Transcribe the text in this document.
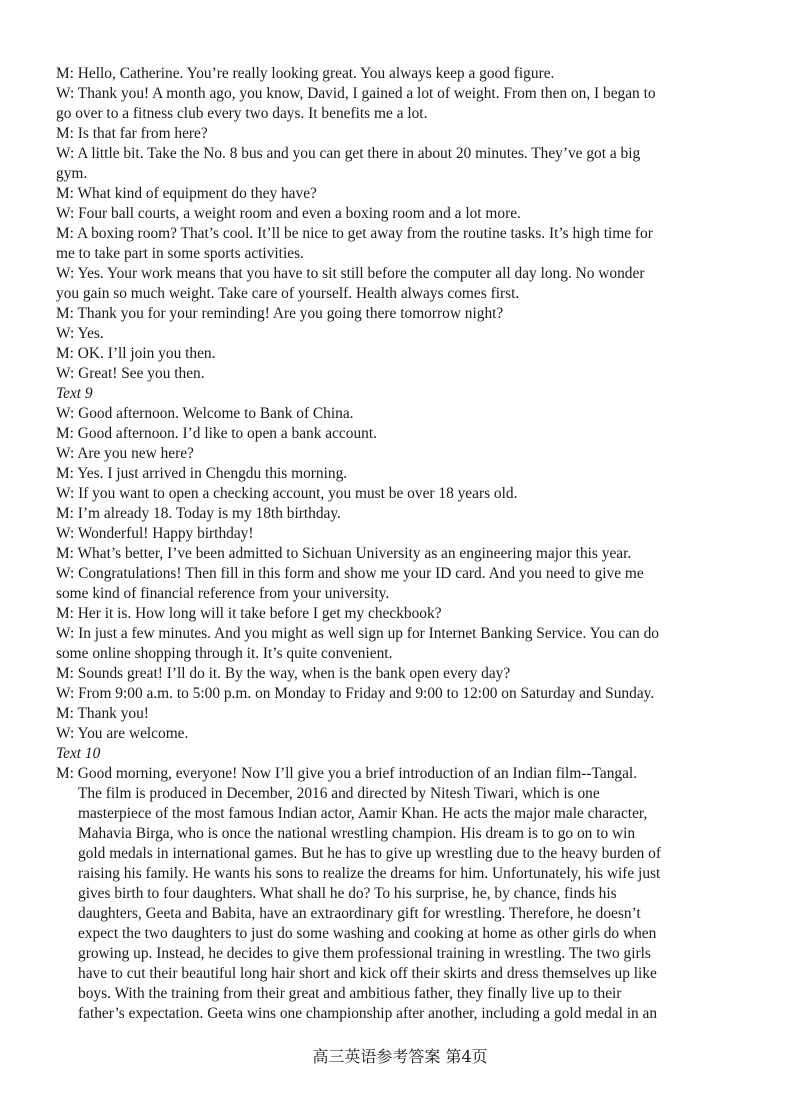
M: Hello, Catherine. You’re really looking great. You always keep a good figure.
W: Thank you! A month ago, you know, David, I gained a lot of weight. From then on, I began to
go over to a fitness club every two days. It benefits me a lot.
M: Is that far from here?
W: A little bit. Take the No. 8 bus and you can get there in about 20 minutes. They’ve got a big
gym.
M: What kind of equipment do they have?
W: Four ball courts, a weight room and even a boxing room and a lot more.
M: A boxing room? That’s cool. It’ll be nice to get away from the routine tasks. It’s high time for
me to take part in some sports activities.
W: Yes. Your work means that you have to sit still before the computer all day long. No wonder
you gain so much weight. Take care of yourself. Health always comes first.
M: Thank you for your reminding! Are you going there tomorrow night?
W: Yes.
M: OK. I’ll join you then.
W: Great! See you then.
Text 9
W: Good afternoon. Welcome to Bank of China.
M: Good afternoon. I’d like to open a bank account.
W: Are you new here?
M: Yes. I just arrived in Chengdu this morning.
W: If you want to open a checking account, you must be over 18 years old.
M: I’m already 18. Today is my 18th birthday.
W: Wonderful! Happy birthday!
M: What’s better, I’ve been admitted to Sichuan University as an engineering major this year.
W: Congratulations! Then fill in this form and show me your ID card. And you need to give me
some kind of financial reference from your university.
M: Her it is. How long will it take before I get my checkbook?
W: In just a few minutes. And you might as well sign up for Internet Banking Service. You can do
some online shopping through it. It’s quite convenient.
M: Sounds great! I’ll do it. By the way, when is the bank open every day?
W: From 9:00 a.m. to 5:00 p.m. on Monday to Friday and 9:00 to 12:00 on Saturday and Sunday.
M: Thank you!
W: You are welcome.
Text 10
M: Good morning, everyone! Now I’ll give you a brief introduction of an Indian film--Tangal.
The film is produced in December, 2016 and directed by Nitesh Tiwari, which is one
masterpiece of the most famous Indian actor, Aamir Khan. He acts the major male character,
Mahavia Birga, who is once the national wrestling champion. His dream is to go on to win
gold medals in international games. But he has to give up wrestling due to the heavy burden of
raising his family. He wants his sons to realize the dreams for him. Unfortunately, his wife just
gives birth to four daughters. What shall he do? To his surprise, he, by chance, finds his
daughters, Geeta and Babita, have an extraordinary gift for wrestling. Therefore, he doesn’t
expect the two daughters to just do some washing and cooking at home as other girls do when
growing up. Instead, he decides to give them professional training in wrestling. The two girls
have to cut their beautiful long hair short and kick off their skirts and dress themselves up like
boys. With the training from their great and ambitious father, they finally live up to their
father’s expectation. Geeta wins one championship after another, including a gold medal in an
高三英语参考答案 第4页
